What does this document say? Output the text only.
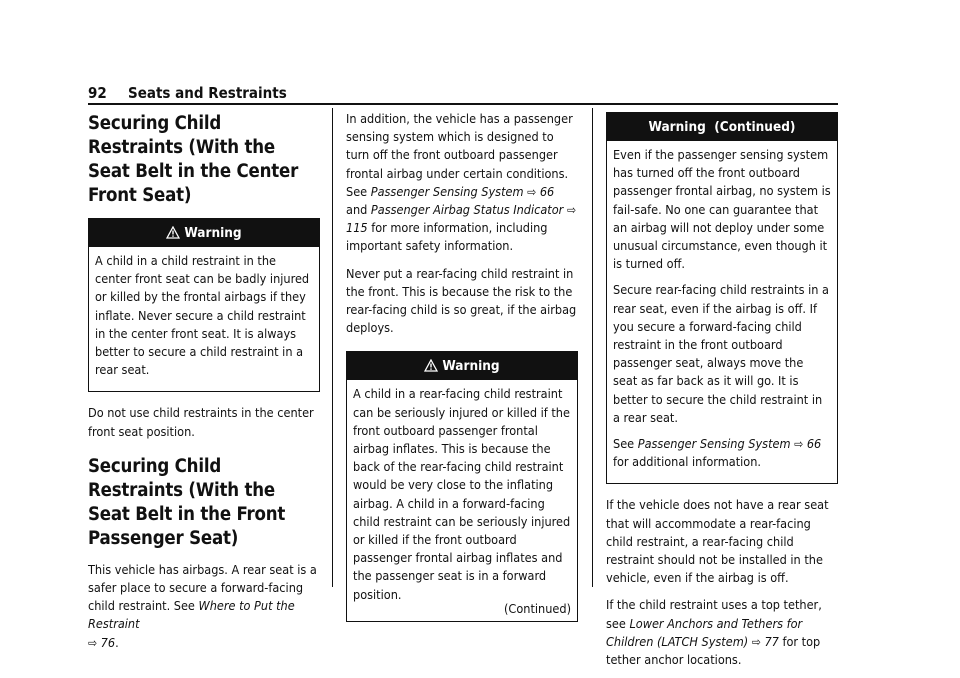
92 Seats and Restraints
Securing Child Restraints (With the Seat Belt in the Center Front Seat)
Warning

A child in a child restraint in the center front seat can be badly injured or killed by the frontal airbags if they inflate. Never secure a child restraint in the center front seat. It is always better to secure a child restraint in a rear seat.

Do not use child restraints in the center front seat position.

Securing Child Restraints (With the Seat Belt in the Front Passenger Seat)

This vehicle has airbags. A rear seat is a safer place to secure a forward-facing child restraint. See Where to Put the Restraint
⇨ 76.

In addition, the vehicle has a passenger sensing system which is designed to turn off the front outboard passenger frontal airbag under certain conditions. See Passenger Sensing System ⇨ 66 and Passenger Airbag Status Indicator ⇨ 115 for more information, including important safety information.

Never put a rear-facing child restraint in the front. This is because the risk to the rear-facing child is so great, if the airbag deploys.

Warning

A child in a rear-facing child restraint can be seriously injured or killed if the front outboard passenger frontal airbag inflates. This is because the back of the rear-facing child restraint would be very close to the inflating airbag. A child in a forward-facing child restraint can be seriously injured or killed if the front outboard passenger frontal airbag inflates and the passenger seat is in a forward position.

(Continued)
Warning  (Continued)

Even if the passenger sensing system has turned off the front outboard passenger frontal airbag, no system is fail-safe. No one can guarantee that an airbag will not deploy under some unusual circumstance, even though it is turned off.

Secure rear-facing child restraints in a rear seat, even if the airbag is off. If you secure a forward-facing child restraint in the front outboard passenger seat, always move the seat as far back as it will go. It is better to secure the child restraint in a rear seat.

See Passenger Sensing System ⇨ 66 for additional information.

If the vehicle does not have a rear seat that will accommodate a rear-facing child restraint, a rear-facing child restraint should not be installed in the vehicle, even if the airbag is off.

If the child restraint uses a top tether, see Lower Anchors and Tethers for Children (LATCH System) ⇨ 77 for top tether anchor locations.
